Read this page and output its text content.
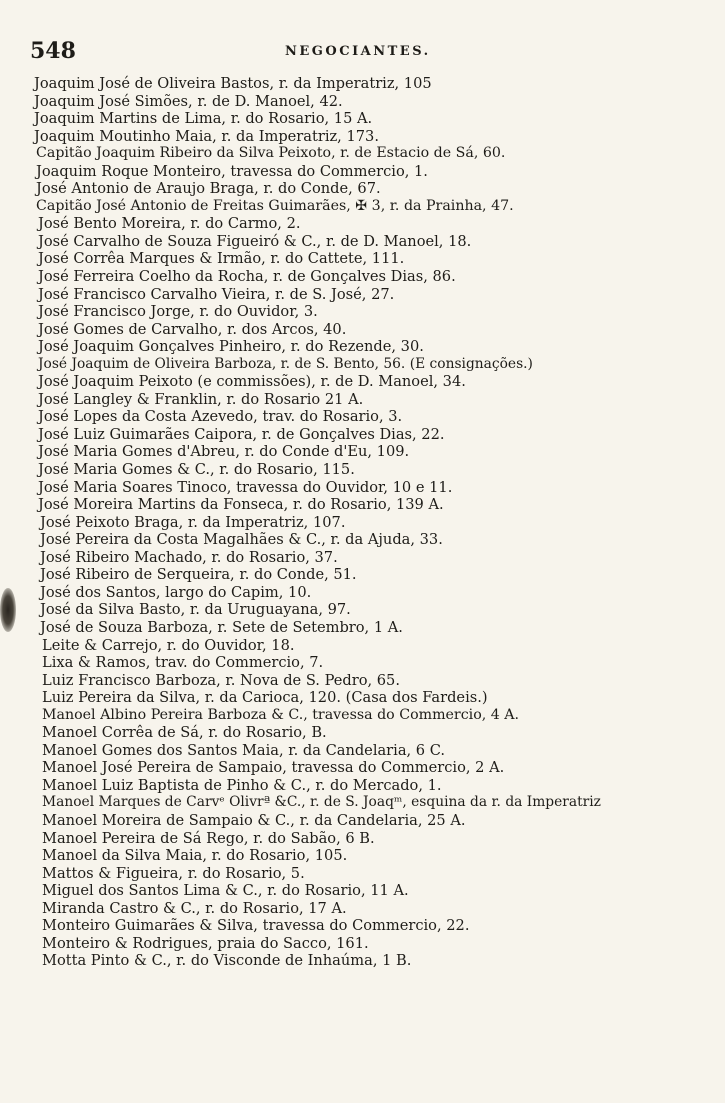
548	NEGOCIANTES.
Joaquim José de Oliveira Bastos, r. da Imperatriz, 105
Joaquim José Simões, r. de D. Manoel, 42.
Joaquim Martins de Lima, r. do Rosario, 15 A.
Joaquim Moutinho Maia, r. da Imperatriz, 173.
Capitão Joaquim Ribeiro da Silva Peixoto, r. de Estacio de Sá, 60.
Joaquim Roque Monteiro, travessa do Commercio, 1.
José Antonio de Araujo Braga, r. do Conde, 67.
Capitão José Antonio de Freitas Guimarães, ✠ 3, r. da Prainha, 47.
José Bento Moreira, r. do Carmo, 2.
José Carvalho de Souza Figueiró & C., r. de D. Manoel, 18.
José Corrêa Marques & Irmão, r. do Cattete, 111.
José Ferreira Coelho da Rocha, r. de Gonçalves Dias, 86.
José Francisco Carvalho Vieira, r. de S. José, 27.
José Francisco Jorge, r. do Ouvidor, 3.
José Gomes de Carvalho, r. dos Arcos, 40.
José Joaquim Gonçalves Pinheiro, r. do Rezende, 30.
José Joaquim de Oliveira Barboza, r. de S. Bento, 56. (E consignações.)
José Joaquim Peixoto (e commissões), r. de D. Manoel, 34.
José Langley & Franklin, r. do Rosario 21 A.
José Lopes da Costa Azevedo, trav. do Rosario, 3.
José Luiz Guimarães Caipora, r. de Gonçalves Dias, 22.
José Maria Gomes d'Abreu, r. do Conde d'Eu, 109.
José Maria Gomes & C., r. do Rosario, 115.
José Maria Soares Tinoco, travessa do Ouvidor, 10 e 11.
José Moreira Martins da Fonseca, r. do Rosario, 139 A.
José Peixoto Braga, r. da Imperatriz, 107.
José Pereira da Costa Magalhães & C., r. da Ajuda, 33.
José Ribeiro Machado, r. do Rosario, 37.
José Ribeiro de Serqueira, r. do Conde, 51.
José dos Santos, largo do Capim, 10.
José da Silva Basto, r. da Uruguayana, 97.
José de Souza Barboza, r. Sete de Setembro, 1 A.
Leite & Carrejo, r. do Ouvidor, 18.
Lixa & Ramos, trav. do Commercio, 7.
Luiz Francisco Barboza, r. Nova de S. Pedro, 65.
Luiz Pereira da Silva, r. da Carioca, 120. (Casa dos Fardeis.)
Manoel Albino Pereira Barboza & C., travessa do Commercio, 4 A.
Manoel Corrêa de Sá, r. do Rosario, B.
Manoel Gomes dos Santos Maia, r. da Candelaria, 6 C.
Manoel José Pereira de Sampaio, travessa do Commercio, 2 A.
Manoel Luiz Baptista de Pinho & C., r. do Mercado, 1.
Manoel Marques de Carvᵉ Olivrª &C., r. de S. Joaqᵐ, esquina da r. da Imperatriz
Manoel Moreira de Sampaio & C., r. da Candelaria, 25 A.
Manoel Pereira de Sá Rego, r. do Sabão, 6 B.
Manoel da Silva Maia, r. do Rosario, 105.
Mattos & Figueira, r. do Rosario, 5.
Miguel dos Santos Lima & C., r. do Rosario, 11 A.
Miranda Castro & C., r. do Rosario, 17 A.
Monteiro Guimarães & Silva, travessa do Commercio, 22.
Monteiro & Rodrigues, praia do Sacco, 161.
Motta Pinto & C., r. do Visconde de Inhaúma, 1 B.
